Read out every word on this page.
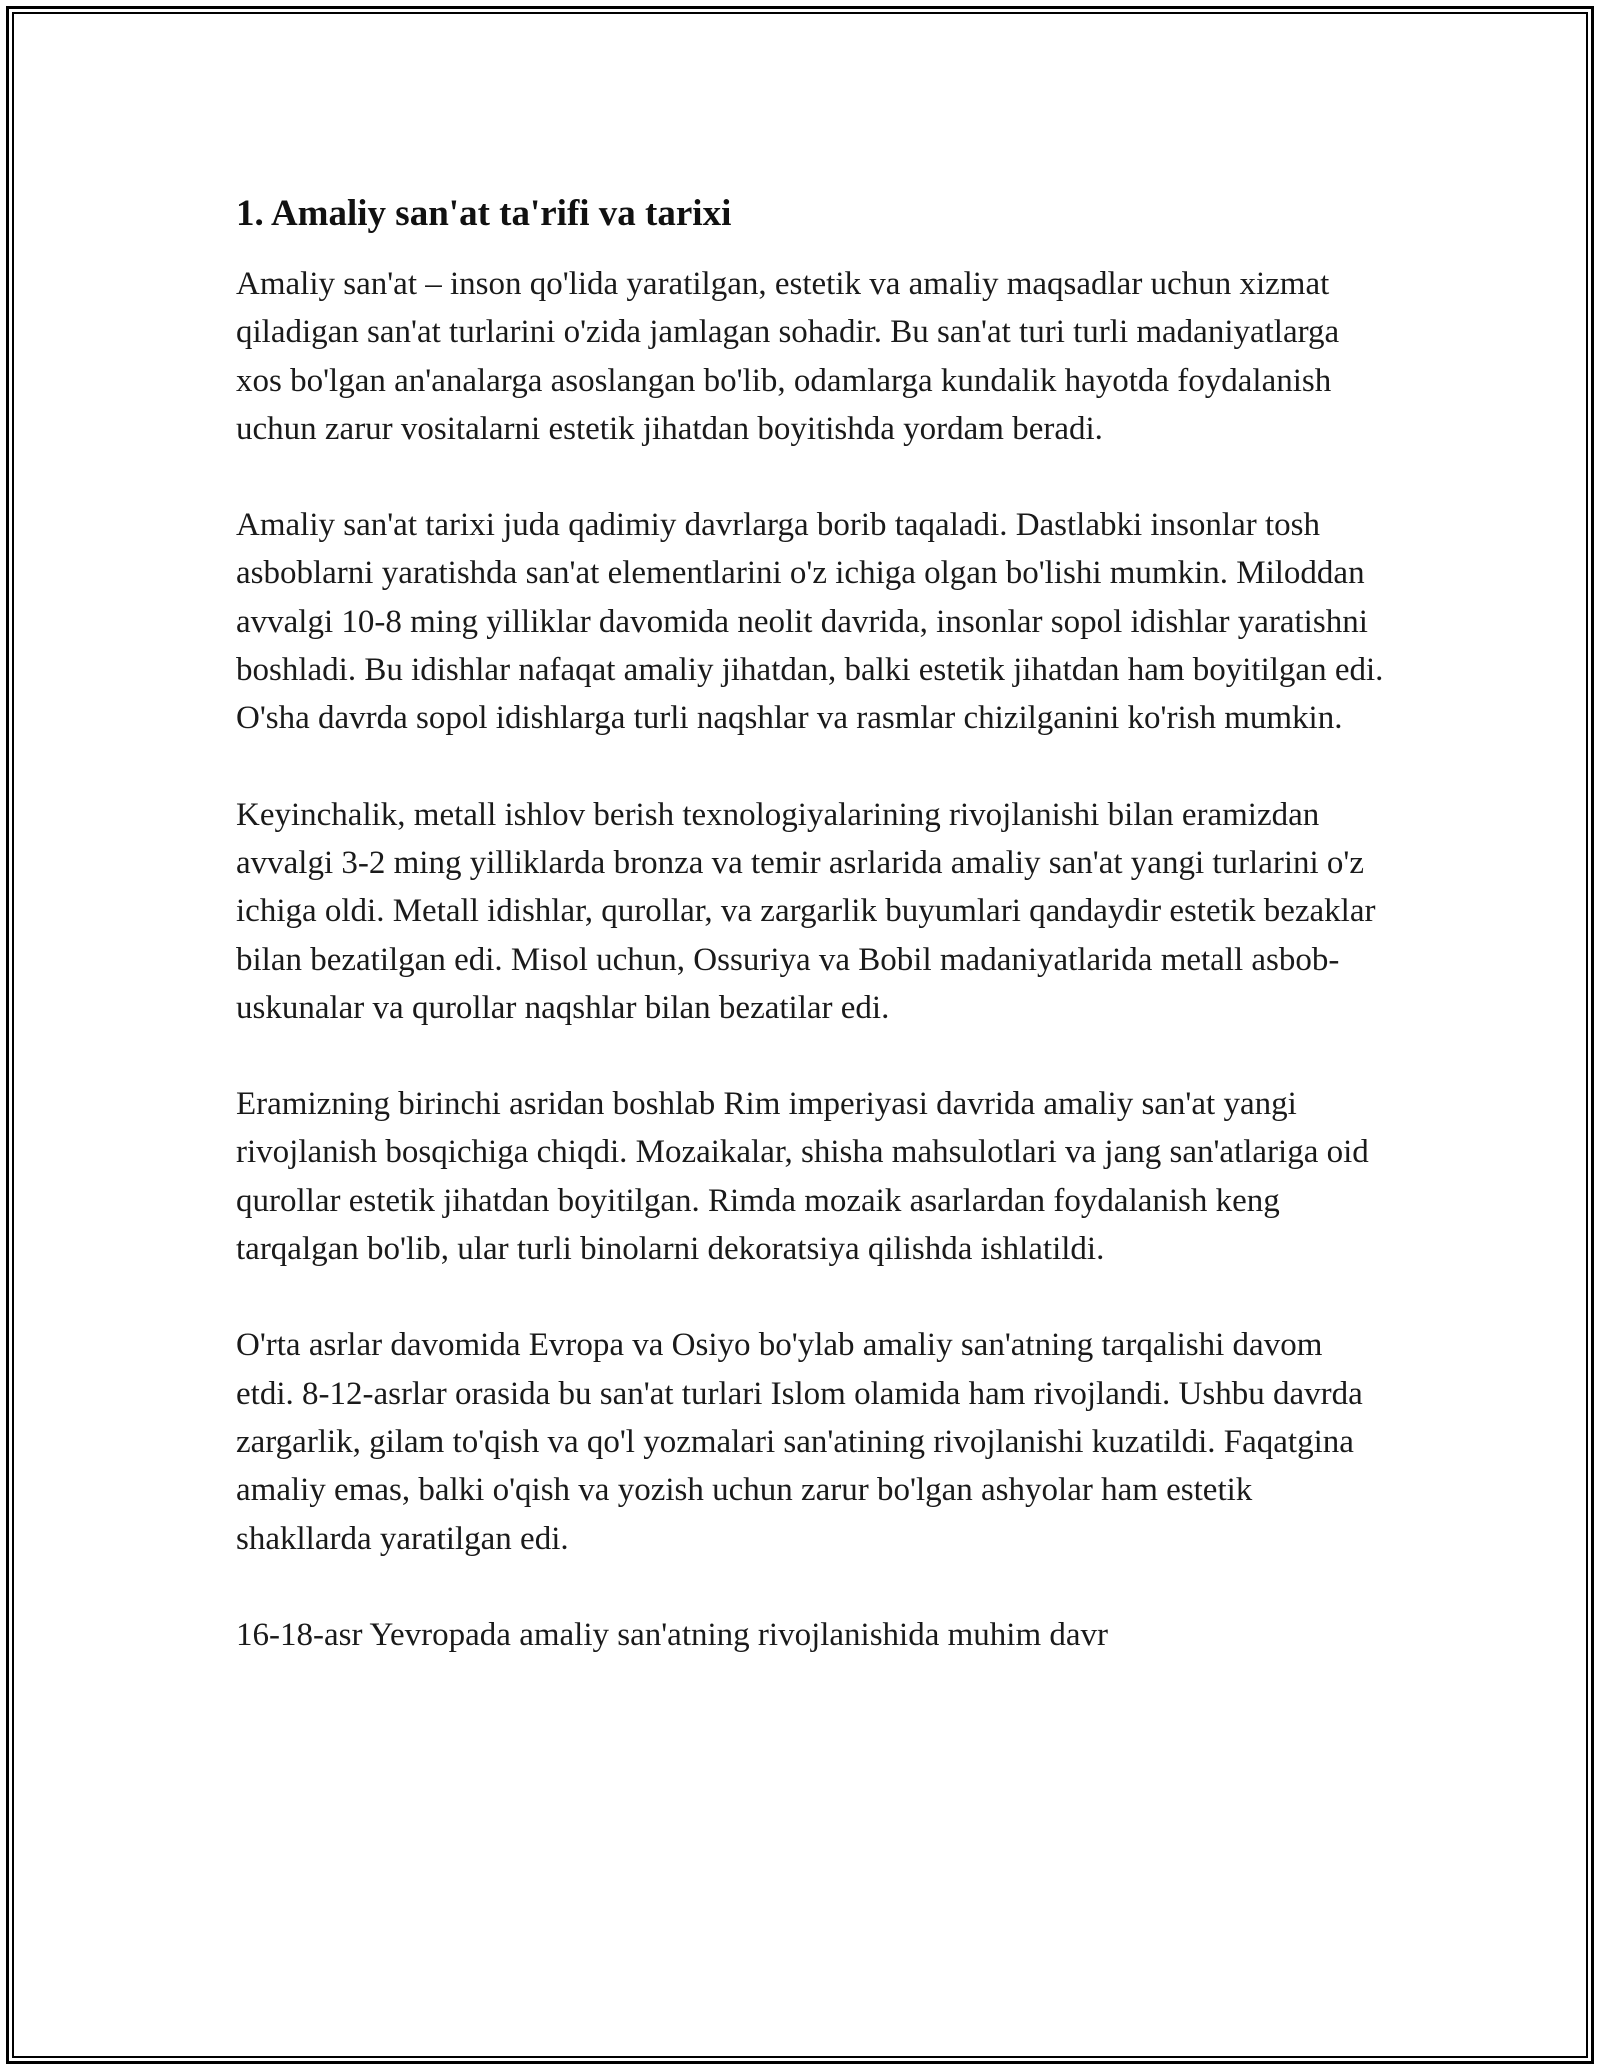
1. Amaliy san'at ta'rifi va tarixi

Amaliy san'at – inson qo'lida yaratilgan, estetik va amaliy maqsadlar uchun xizmat qiladigan san'at turlarini o'zida jamlagan sohadir. Bu san'at turi turli madaniyatlarga xos bo'lgan an'analarga asoslangan bo'lib, odamlarga kundalik hayotda foydalanish uchun zarur vositalarni estetik jihatdan boyitishda yordam beradi.

Amaliy san'at tarixi juda qadimiy davrlarga borib taqaladi. Dastlabki insonlar tosh asboblarni yaratishda san'at elementlarini o'z ichiga olgan bo'lishi mumkin. Miloddan avvalgi 10-8 ming yilliklar davomida neolit davrida, insonlar sopol idishlar yaratishni boshladi. Bu idishlar nafaqat amaliy jihatdan, balki estetik jihatdan ham boyitilgan edi. O'sha davrda sopol idishlarga turli naqshlar va rasmlar chizilganini ko'rish mumkin.

Keyinchalik, metall ishlov berish texnologiyalarining rivojlanishi bilan eramizdan avvalgi 3-2 ming yilliklarda bronza va temir asrlarida amaliy san'at yangi turlarini o'z ichiga oldi. Metall idishlar, qurollar, va zargarlik buyumlari qandaydir estetik bezaklar bilan bezatilgan edi. Misol uchun, Ossuriya va Bobil madaniyatlarida metall asbob-uskunalar va qurollar naqshlar bilan bezatilar edi.

Eramizning birinchi asridan boshlab Rim imperiyasi davrida amaliy san'at yangi rivojlanish bosqichiga chiqdi. Mozaikalar, shisha mahsulotlari va jang san'atlariga oid qurollar estetik jihatdan boyitilgan. Rimda mozaik asarlardan foydalanish keng tarqalgan bo'lib, ular turli binolarni dekoratsiya qilishda ishlatildi.

O'rta asrlar davomida Evropa va Osiyo bo'ylab amaliy san'atning tarqalishi davom etdi. 8-12-asrlar orasida bu san'at turlari Islom olamida ham rivojlandi. Ushbu davrda zargarlik, gilam to'qish va qo'l yozmalari san'atining rivojlanishi kuzatildi. Faqatgina amaliy emas, balki o'qish va yozish uchun zarur bo'lgan ashyolar ham estetik shakllarda yaratilgan edi.

16-18-asr Yevropada amaliy san'atning rivojlanishida muhim davr
